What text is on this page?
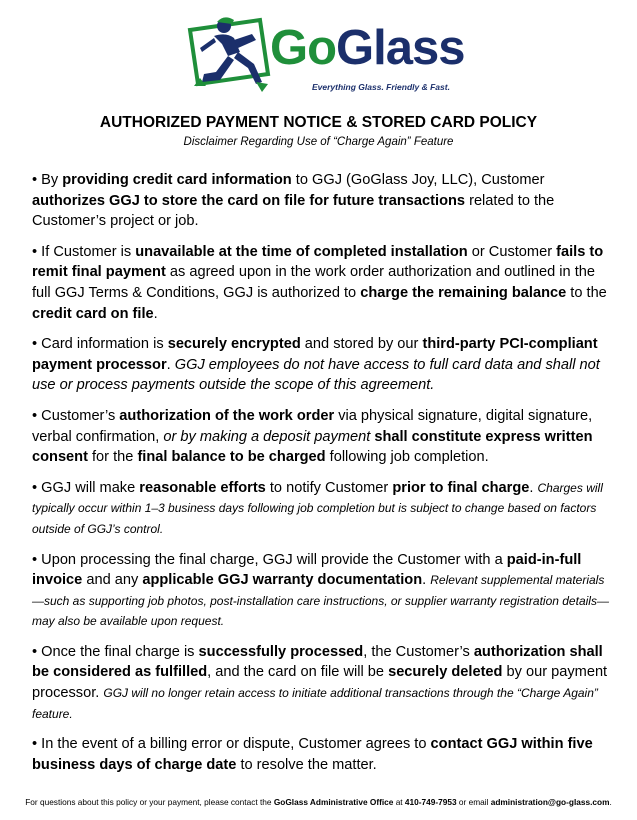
GoGlass
Everything Glass. Friendly & Fast.
AUTHORIZED PAYMENT NOTICE & STORED CARD POLICY
Disclaimer Regarding Use of “Charge Again” Feature

• By providing credit card information to GGJ (GoGlass Joy, LLC), Customer authorizes GGJ to store the card on file for future transactions related to the Customer’s project or job.

• If Customer is unavailable at the time of completed installation or Customer fails to remit final payment as agreed upon in the work order authorization and outlined in the full GGJ Terms & Conditions, GGJ is authorized to charge the remaining balance to the credit card on file.

• Card information is securely encrypted and stored by our third-party PCI-compliant payment processor. GGJ employees do not have access to full card data and shall not use or process payments outside the scope of this agreement.

• Customer’s authorization of the work order via physical signature, digital signature, verbal confirmation, or by making a deposit payment shall constitute express written consent for the final balance to be charged following job completion.

• GGJ will make reasonable efforts to notify Customer prior to final charge. Charges will typically occur within 1–3 business days following job completion but is subject to change based on factors outside of GGJ’s control.

• Upon processing the final charge, GGJ will provide the Customer with a paid-in-full invoice and any applicable GGJ warranty documentation. Relevant supplemental materials—such as supporting job photos, post-installation care instructions, or supplier warranty registration details—may also be available upon request.

• Once the final charge is successfully processed, the Customer’s authorization shall be considered as fulfilled, and the card on file will be securely deleted by our payment processor. GGJ will no longer retain access to initiate additional transactions through the “Charge Again” feature.

• In the event of a billing error or dispute, Customer agrees to contact GGJ within five business days of charge date to resolve the matter.

For questions about this policy or your payment, please contact the GoGlass Administrative Office at 410-749-7953 or email administration@go-glass.com.
